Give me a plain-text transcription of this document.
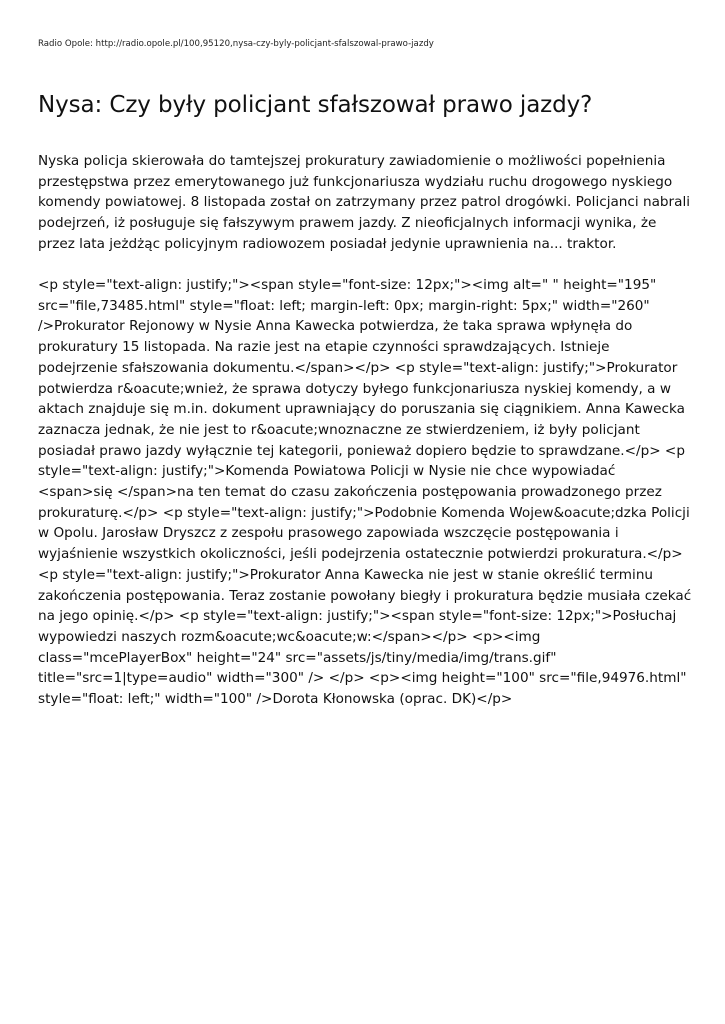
Radio Opole: http://radio.opole.pl/100,95120,nysa-czy-byly-policjant-sfalszowal-prawo-jazdy
Nysa: Czy były policjant sfałszował prawo jazdy?

Nyska policja skierowała do tamtejszej prokuratury zawiadomienie o możliwości popełnienia przestępstwa przez emerytowanego już funkcjonariusza wydziału ruchu drogowego nyskiego komendy powiatowej. 8 listopada został on zatrzymany przez patrol drogówki. Policjanci nabrali podejrzeń, iż posługuje się fałszywym prawem jazdy. Z nieoficjalnych informacji wynika, że przez lata jeżdżąc policyjnym radiowozem posiadał jedynie uprawnienia na... traktor.

<p style="text-align: justify;"><span style="font-size: 12px;"><img alt=" " height="195" src="file,73485.html" style="float: left; margin-left: 0px; margin-right: 5px;" width="260" />Prokurator Rejonowy w Nysie Anna Kawecka potwierdza, że taka sprawa wpłynęła do prokuratury 15 listopada. Na razie jest na etapie czynności sprawdzających. Istnieje podejrzenie sfałszowania dokumentu.</span></p> <p style="text-align: justify;">Prokurator potwierdza r&oacute;wnież, że sprawa dotyczy byłego funkcjonariusza nyskiej komendy, a w aktach znajduje się m.in. dokument uprawniający do poruszania się ciągnikiem. Anna Kawecka zaznacza jednak, że nie jest to r&oacute;wnoznaczne ze stwierdzeniem, iż były policjant posiadał prawo jazdy wyłącznie tej kategorii, ponieważ dopiero będzie to sprawdzane.</p> <p style="text-align: justify;">Komenda Powiatowa Policji w Nysie nie chce wypowiadać <span>się </span>na ten temat do czasu zakończenia postępowania prowadzonego przez prokuraturę.</p> <p style="text-align: justify;">Podobnie Komenda Wojew&oacute;dzka Policji w Opolu. Jarosław Dryszcz z zespołu prasowego zapowiada wszczęcie postępowania i wyjaśnienie wszystkich okoliczności, jeśli podejrzenia ostatecznie potwierdzi prokuratura.</p> <p style="text-align: justify;">Prokurator Anna Kawecka nie jest w stanie określić terminu zakończenia postępowania. Teraz zostanie powołany biegły i prokuratura będzie musiała czekać na jego opinię.</p> <p style="text-align: justify;"><span style="font-size: 12px;">Posłuchaj wypowiedzi naszych rozm&oacute;wc&oacute;w:</span></p> <p><img class="mcePlayerBox" height="24" src="assets/js/tiny/media/img/trans.gif" title="src=1|type=audio" width="300" /> </p> <p><img height="100" src="file,94976.html" style="float: left;" width="100" />Dorota Kłonowska (oprac. DK)</p>
